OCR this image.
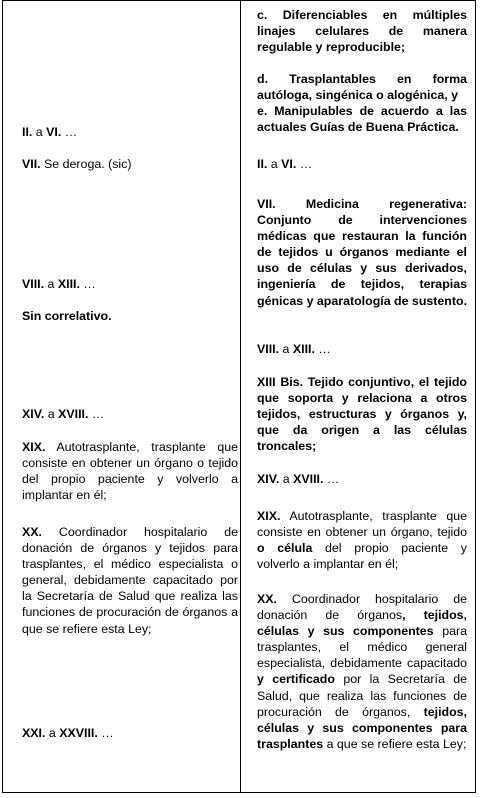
II. a VI. …

VII. Se deroga. (sic)

VIII. a XIII. …

Sin correlativo.

XIV. a XVIII. …

XIX. Autotrasplante, trasplante que consiste en obtener un órgano o tejido del propio paciente y volverlo a implantar en él;

XX. Coordinador hospitalario de donación de órganos y tejidos para trasplantes, el médico especialista o general, debidamente capacitado por la Secretaría de Salud que realiza las funciones de procuración de órganos a que se refiere esta Ley;

XXI. a XXVIII. …

c. Diferenciables en múltiples linajes celulares de manera regulable y reproducible;

d. Trasplantables en forma autóloga, singénica o alogénica, y

e. Manipulables de acuerdo a las actuales Guías de Buena Práctica.

II. a VI. …

VII. Medicina regenerativa: Conjunto de intervenciones médicas que restauran la función de tejidos u órganos mediante el uso de células y sus derivados, ingeniería de tejidos, terapias génicas y aparatología de sustento.

VIII. a XIII. …

XIII Bis. Tejido conjuntivo, el tejido que soporta y relaciona a otros tejidos, estructuras y órganos y, que da origen a las células troncales;

XIV. a XVIII. …

XIX. Autotrasplante, trasplante que consiste en obtener un órgano, tejido o célula del propio paciente y volverlo a implantar en él;

XX. Coordinador hospitalario de donación de órganos, tejidos, células y sus componentes para trasplantes, el médico general especialista, debidamente capacitado y certificado por la Secretaría de Salud, que realiza las funciones de procuración de órganos, tejidos, células y sus componentes para trasplantes a que se refiere esta Ley;
